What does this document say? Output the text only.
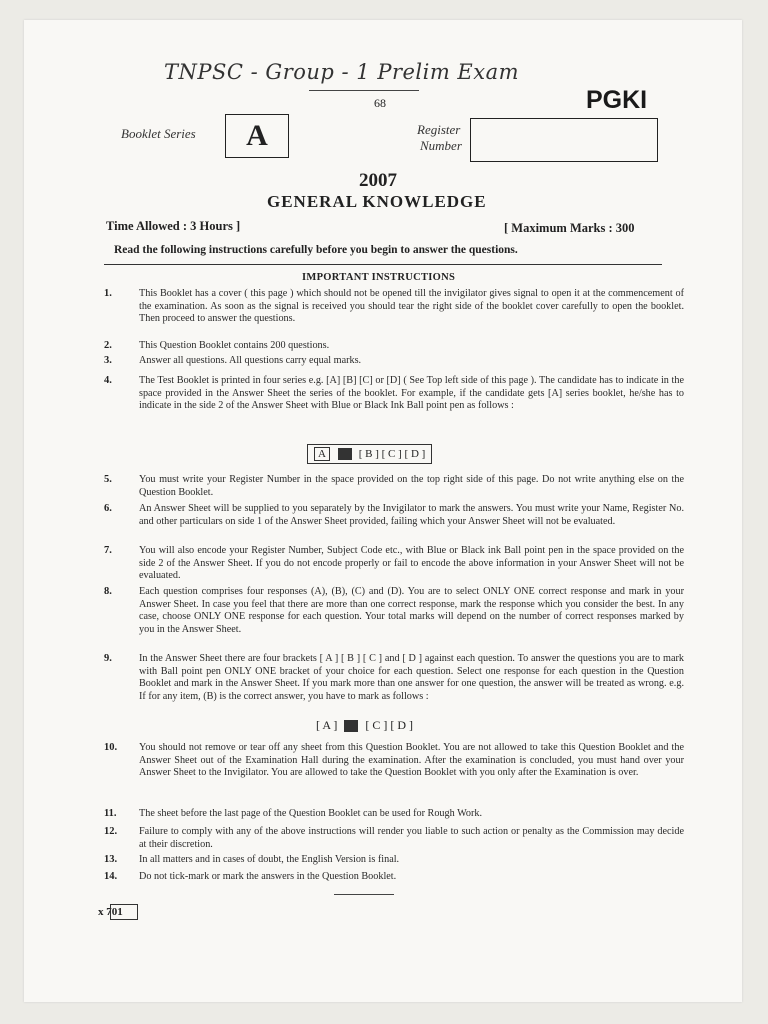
TNPSC - Group - 1 Prelim Exam
68	PGKI
Booklet Series	A	Register
Number
2007
GENERAL KNOWLEDGE
Time Allowed : 3 Hours ]	[ Maximum Marks : 300
Read the following instructions carefully before you begin to answer the questions.
IMPORTANT INSTRUCTIONS
1.	This Booklet has a cover ( this page ) which should not be opened till the invigilator gives signal to open it at the commencement of the examination. As soon as the signal is received you should tear the right side of the booklet cover carefully to open the booklet. Then proceed to answer the questions.
2.	This Question Booklet contains 200 questions.
3.	Answer all questions. All questions carry equal marks.
4.	The Test Booklet is printed in four series e.g. [A] [B] [C] or [D] ( See Top left side of this page ). The candidate has to indicate in the space provided in the Answer Sheet the series of the booklet. For example, if the candidate gets [A] series booklet, he/she has to indicate in the side 2 of the Answer Sheet with Blue or Black Ink Ball point pen as follows :
A	[ B ] [ C ] [ D ]
5.	You must write your Register Number in the space provided on the top right side of this page. Do not write anything else on the Question Booklet.
6.	An Answer Sheet will be supplied to you separately by the Invigilator to mark the answers. You must write your Name, Register No. and other particulars on side 1 of the Answer Sheet provided, failing which your Answer Sheet will not be evaluated.
7.	You will also encode your Register Number, Subject Code etc., with Blue or Black ink Ball point pen in the space provided on the side 2 of the Answer Sheet. If you do not encode properly or fail to encode the above information in your Answer Sheet will not be evaluated.
8.	Each question comprises four responses (A), (B), (C) and (D). You are to select ONLY ONE correct response and mark in your Answer Sheet. In case you feel that there are more than one correct response, mark the response which you consider the best. In any case, choose ONLY ONE response for each question. Your total marks will depend on the number of correct responses marked by you in the Answer Sheet.
9.	In the Answer Sheet there are four brackets [ A ] [ B ] [ C ] and [ D ] against each question. To answer the questions you are to mark with Ball point pen ONLY ONE bracket of your choice for each question. Select one response for each question in the Question Booklet and mark in the Answer Sheet. If you mark more than one answer for one question, the answer will be treated as wrong. e.g. If for any item, (B) is the correct answer, you have to mark as follows :
[ A ] [ C ] [ D ]
10.	You should not remove or tear off any sheet from this Question Booklet. You are not allowed to take this Question Booklet and the Answer Sheet out of the Examination Hall during the examination. After the examination is concluded, you must hand over your Answer Sheet to the Invigilator. You are allowed to take the Question Booklet with you only after the Examination is over.
11.	The sheet before the last page of the Question Booklet can be used for Rough Work.
12.	Failure to comply with any of the above instructions will render you liable to such action or penalty as the Commission may decide at their discretion.
13.	In all matters and in cases of doubt, the English Version is final.
14.	Do not tick-mark or mark the answers in the Question Booklet.
x 701
